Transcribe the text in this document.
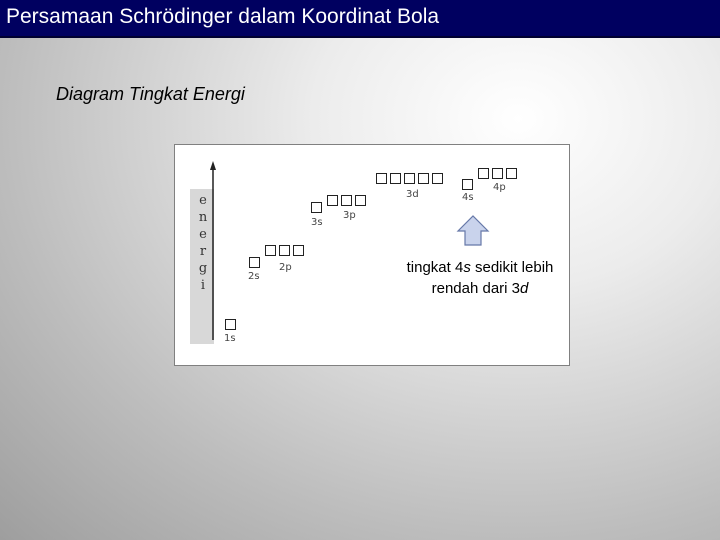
Persamaan Schrödinger dalam Koordinat Bola
Diagram Tingkat Energi
e
n
e
r
g
i
1s
2s
2p
3s
3p
3d	4s
4p
tingkat 4s sedikit lebih
rendah dari 3d
